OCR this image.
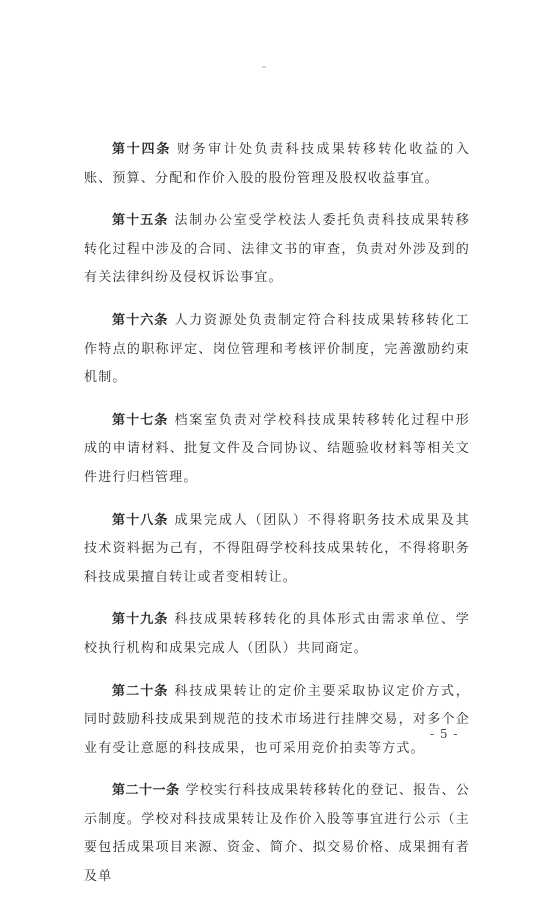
第十四条 财务审计处负责科技成果转移转化收益的入账、预算、分配和作价入股的股份管理及股权收益事宜。

第十五条 法制办公室受学校法人委托负责科技成果转移转化过程中涉及的合同、法律文书的审查，负责对外涉及到的有关法律纠纷及侵权诉讼事宜。

第十六条 人力资源处负责制定符合科技成果转移转化工作特点的职称评定、岗位管理和考核评价制度，完善激励约束机制。

第十七条 档案室负责对学校科技成果转移转化过程中形成的申请材料、批复文件及合同协议、结题验收材料等相关文件进行归档管理。

第十八条 成果完成人（团队）不得将职务技术成果及其技术资料据为己有，不得阻碍学校科技成果转化，不得将职务科技成果擅自转让或者变相转让。

第十九条 科技成果转移转化的具体形式由需求单位、学校执行机构和成果完成人（团队）共同商定。

第二十条 科技成果转让的定价主要采取协议定价方式，同时鼓励科技成果到规范的技术市场进行挂牌交易，对多个企业有受让意愿的科技成果，也可采用竞价拍卖等方式。

第二十一条 学校实行科技成果转移转化的登记、报告、公示制度。学校对科技成果转让及作价入股等事宜进行公示（主要包括成果项目来源、资金、简介、拟交易价格、成果拥有者及单

- 5 -
